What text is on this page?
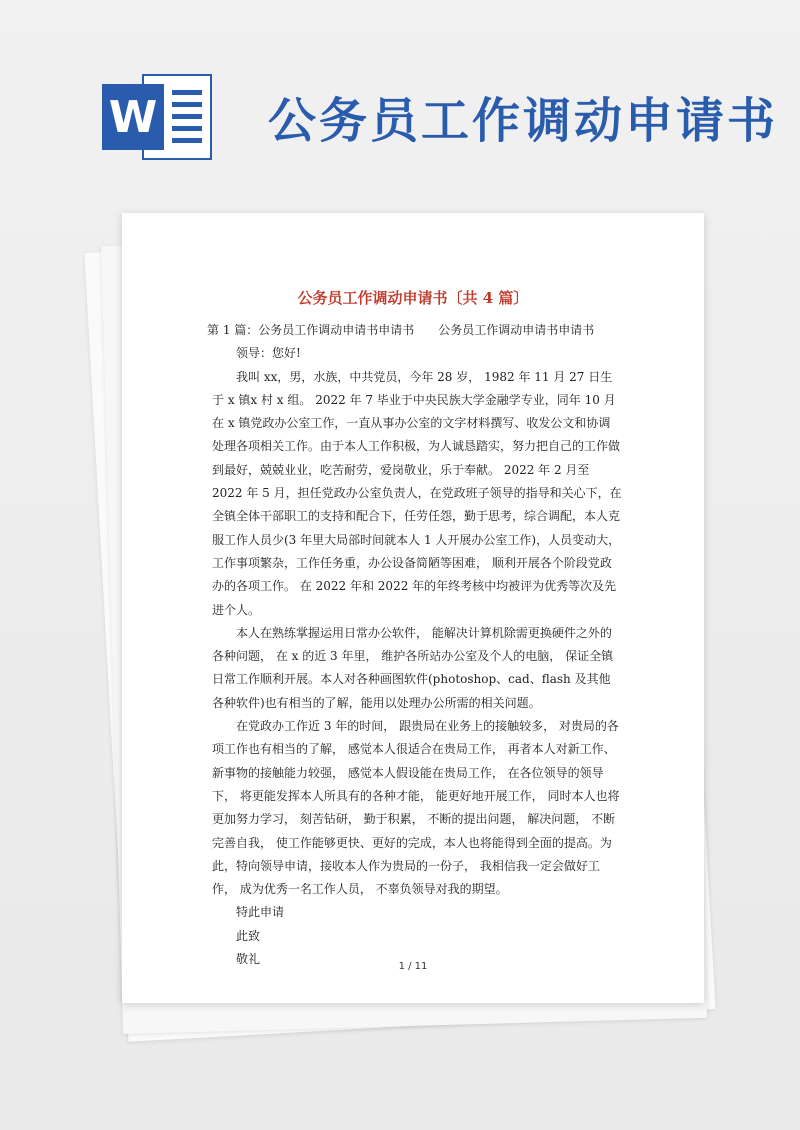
W 公务员工作调动申请书
公务员工作调动申请书〔共 4 篇〕

第 1 篇：公务员工作调动申请书申请书　　公务员工作调动申请书申请书

领导：您好!

我叫 xx，男，水族，中共党员，今年 28 岁， 1982 年 11 月 27 日生于 x 镇x 村 x 组。 2022 年 7 毕业于中央民族大学金融学专业，同年 10 月在 x 镇党政办公室工作，一直从事办公室的文字材料撰写、收发公文和协调处理各项相关工作。由于本人工作积极，为人诚恳踏实，努力把自己的工作做到最好，兢兢业业，吃苦耐劳，爱岗敬业，乐于奉献。 2022 年 2 月至 2022 年 5 月，担任党政办公室负责人，在党政班子领导的指导和关心下，在全镇全体干部职工的支持和配合下，任劳任怨，勤于思考，综合调配，本人克服工作人员少(3 年里大局部时间就本人 1 人开展办公室工作)，人员变动大，工作事项繁杂，工作任务重，办公设备简陋等困难， 顺利开展各个阶段党政办的各项工作。 在 2022 年和 2022 年的年终考核中均被评为优秀等次及先进个人。

本人在熟练掌握运用日常办公软件， 能解决计算机除需更换硬件之外的各种问题， 在 x 的近 3 年里， 维护各所站办公室及个人的电脑， 保证全镇日常工作顺利开展。本人对各种画图软件(photoshop、cad、flash 及其他各种软件)也有相当的了解，能用以处理办公所需的相关问题。

在党政办工作近 3 年的时间， 跟贵局在业务上的接触较多， 对贵局的各项工作也有相当的了解， 感觉本人很适合在贵局工作， 再者本人对新工作、 新事物的接触能力较强， 感觉本人假设能在贵局工作， 在各位领导的领导下， 将更能发挥本人所具有的各种才能， 能更好地开展工作， 同时本人也将更加努力学习， 刻苦钻研， 勤于积累， 不断的提出问题， 解决问题， 不断完善自我， 使工作能够更快、更好的完成，本人也将能得到全面的提高。为此，特向领导申请，接收本人作为贵局的一份子， 我相信我一定会做好工作， 成为优秀一名工作人员， 不辜负领导对我的期望。

特此申请

此致

敬礼

1 / 11
